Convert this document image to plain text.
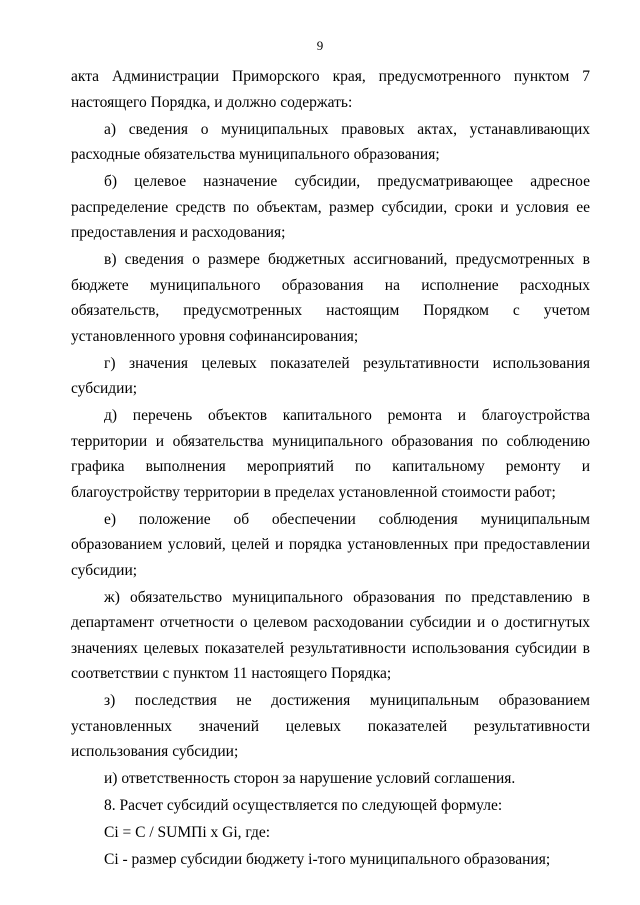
9

акта Администрации Приморского края, предусмотренного пунктом 7 настоящего Порядка, и должно содержать:

а) сведения о муниципальных правовых актах, устанавливающих расходные обязательства муниципального образования;

б) целевое назначение субсидии, предусматривающее адресное распределение средств по объектам, размер субсидии, сроки и условия ее предоставления и расходования;

в) сведения о размере бюджетных ассигнований, предусмотренных в бюджете муниципального образования на исполнение расходных обязательств, предусмотренных настоящим Порядком с учетом установленного уровня софинансирования;

г) значения целевых показателей результативности использования субсидии;

д) перечень объектов капитального ремонта и благоустройства территории и обязательства муниципального образования по соблюдению графика выполнения мероприятий по капитальному ремонту и благоустройству территории в пределах установленной стоимости работ;

е) положение об обеспечении соблюдения муниципальным образованием условий, целей и порядка установленных при предоставлении субсидии;

ж) обязательство муниципального образования по представлению в департамент отчетности о целевом расходовании субсидии и о достигнутых значениях целевых показателей результативности использования субсидии в соответствии с пунктом 11 настоящего Порядка;

з) последствия не достижения муниципальным образованием установленных значений целевых показателей результативности использования субсидии;

и) ответственность сторон за нарушение условий соглашения.

8. Расчет субсидий осуществляется по следующей формуле:

Сi = С / SUMПi х Gi, где:

Сi - размер субсидии бюджету i-того муниципального образования;
